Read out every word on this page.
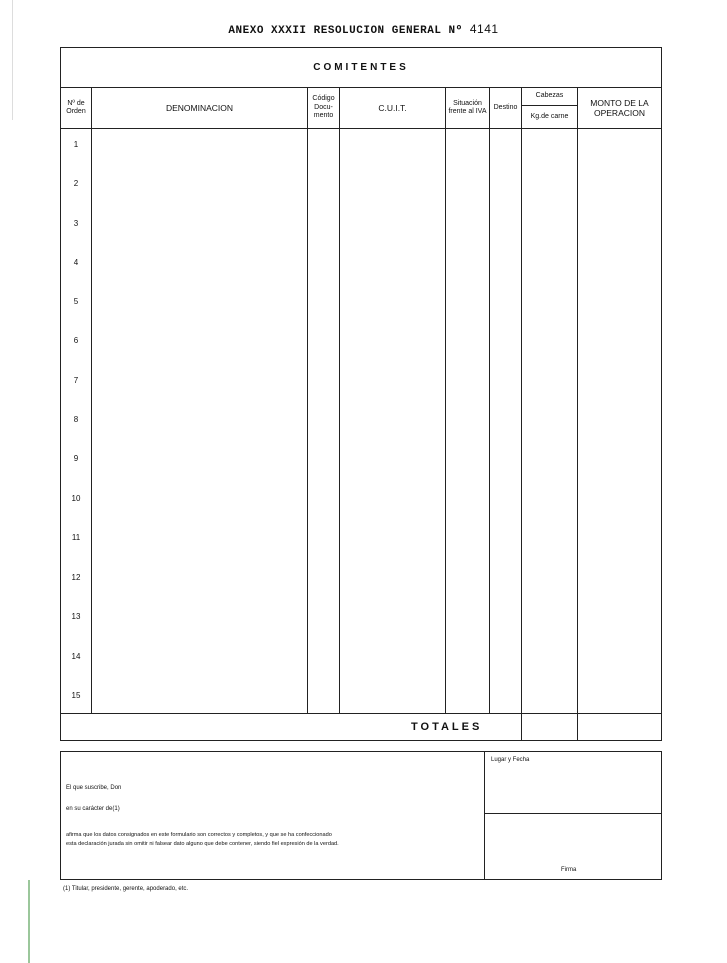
ANEXO XXXII RESOLUCION GENERAL Nº 4141
COMITENTES
Nº de Orden	DENOMINACION
Código Docu- mento
C.U.I.T.	Situación frente al IVA
Destino
Cabezas
Kg.de carne
MONTO DE LA OPERACION
1
2
3
4
5
6
7
8
9
10
11
12
13
14
15
TOTALES
Lugar y Fecha
Firma
El que suscribe, Don
en su carácter de(1)
afirma que los datos consignados en este formulario son correctos y completos, y que se ha confeccionado
esta declaración jurada sin omitir ni falsear dato alguno que debe contener, siendo fiel expresión de la verdad.
(1) Titular, presidente, gerente, apoderado, etc.
